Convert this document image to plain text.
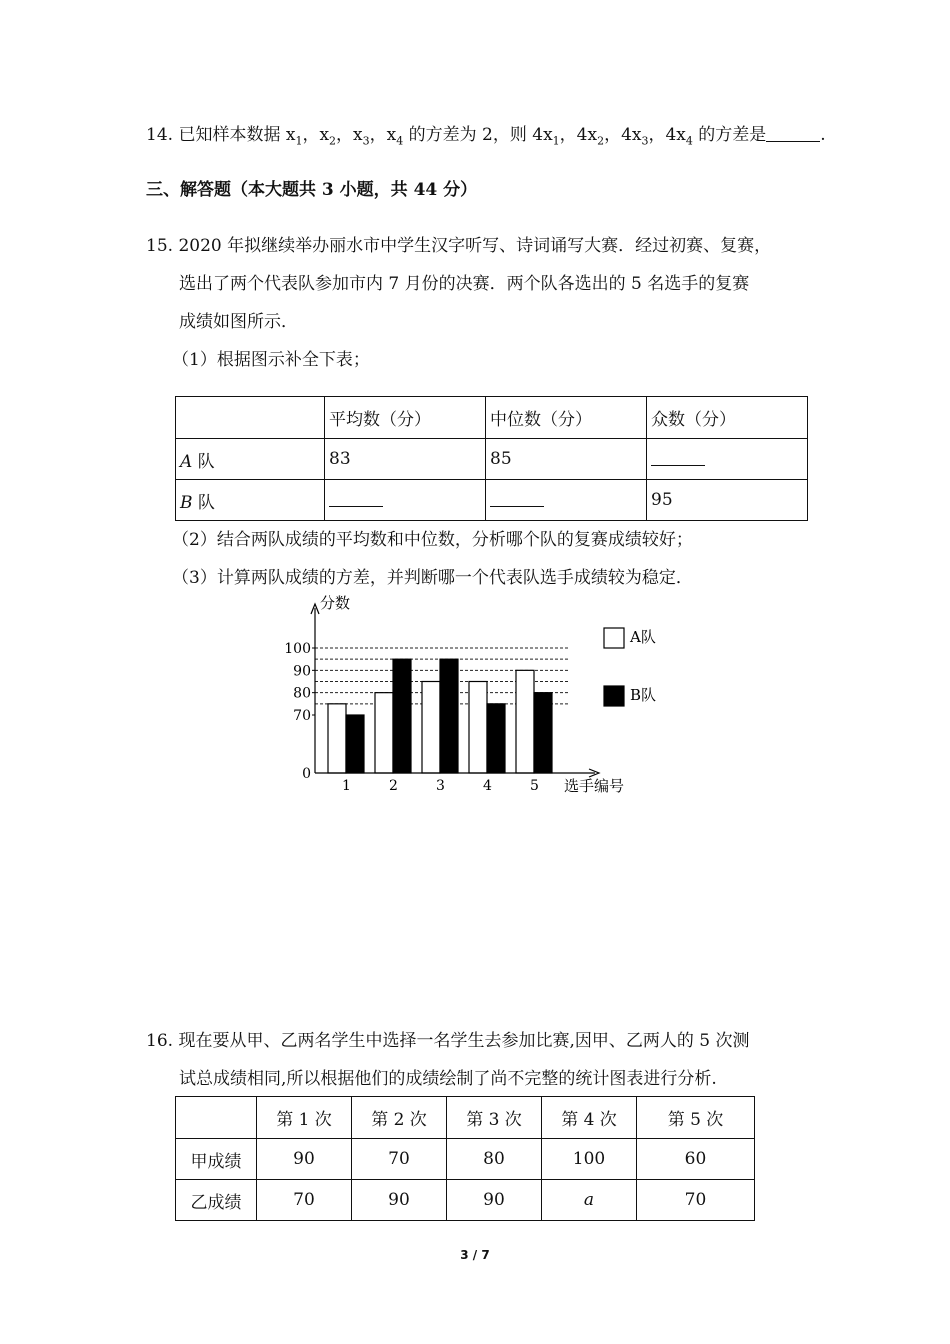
14. 已知样本数据 $x_1$，$x_2$，$x_3$，$x_4$ 的方差为 2，则 $4x_1$，$4x_2$，$4x_3$，$4x_4$ 的方差是	.
三、解答题（本大题共 3 小题，共 44 分）
15. 2020 年拟继续举办丽水市中学生汉字听写、诗词诵写大赛．经过初赛、复赛，
选出了两个代表队参加市内 7 月份的决赛．两个队各选出的 5 名选手的复赛
成绩如图所示．
（1）根据图示补全下表；
	平均数（分）	中位数（分）	众数（分）
A 队	83	85	
B 队			95
（2）结合两队成绩的平均数和中位数，分析哪个队的复赛成绩较好；
（3）计算两队成绩的方差，并判断哪一个代表队选手成绩较为稳定．
1	2	3	4	5
0
70
80
90
100
分数
选手编号
A队
B队
16. 现在要从甲、乙两名学生中选择一名学生去参加比赛,因甲、乙两人的 5 次测
试总成绩相同,所以根据他们的成绩绘制了尚不完整的统计图表进行分析.
	第 1 次	第 2 次	第 3 次	第 4 次	第 5 次
甲成绩	90	70	80	100	60
乙成绩	70	90	90	a	70
3 / 7
